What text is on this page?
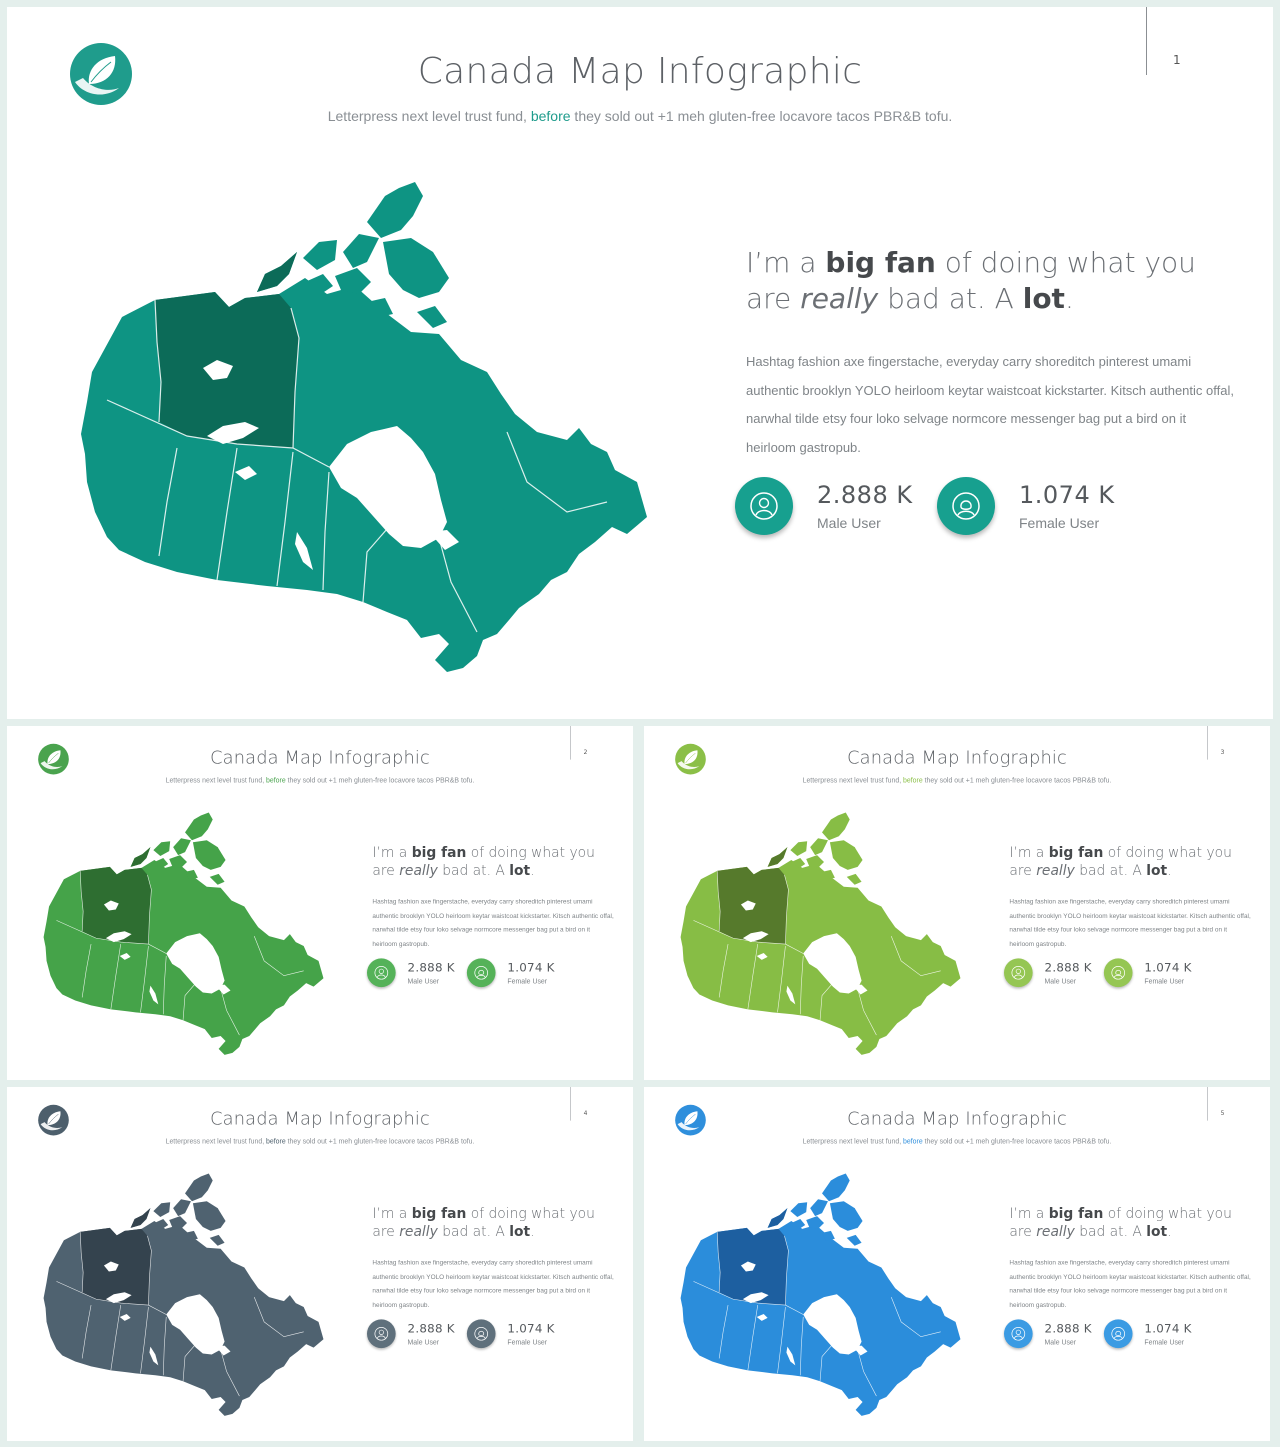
Canada Map Infographic
Letterpress next level trust fund, before they sold out +1 meh gluten-free locavore tacos PBR&B tofu.
1
I’m a big fan of doing what you are really bad at. A lot.
Hashtag fashion axe fingerstache, everyday carry shoreditch pinterest umami authentic brooklyn YOLO heirloom keytar waistcoat kickstarter. Kitsch authentic offal, narwhal tilde etsy four loko selvage normcore messenger bag put a bird on it heirloom gastropub.
2.888 K
Male User
1.074 K
Female User
Canada Map Infographic
Letterpress next level trust fund, before they sold out +1 meh gluten-free locavore tacos PBR&B tofu.
2
I’m a big fan of doing what you are really bad at. A lot.
Hashtag fashion axe fingerstache, everyday carry shoreditch pinterest umami authentic brooklyn YOLO heirloom keytar waistcoat kickstarter. Kitsch authentic offal, narwhal tilde etsy four loko selvage normcore messenger bag put a bird on it heirloom gastropub.
2.888 K
Male User
1.074 K
Female User
Canada Map Infographic
Letterpress next level trust fund, before they sold out +1 meh gluten-free locavore tacos PBR&B tofu.
3
I’m a big fan of doing what you are really bad at. A lot.
Hashtag fashion axe fingerstache, everyday carry shoreditch pinterest umami authentic brooklyn YOLO heirloom keytar waistcoat kickstarter. Kitsch authentic offal, narwhal tilde etsy four loko selvage normcore messenger bag put a bird on it heirloom gastropub.
2.888 K
Male User
1.074 K
Female User
Canada Map Infographic
Letterpress next level trust fund, before they sold out +1 meh gluten-free locavore tacos PBR&B tofu.
4
I’m a big fan of doing what you are really bad at. A lot.
Hashtag fashion axe fingerstache, everyday carry shoreditch pinterest umami authentic brooklyn YOLO heirloom keytar waistcoat kickstarter. Kitsch authentic offal, narwhal tilde etsy four loko selvage normcore messenger bag put a bird on it heirloom gastropub.
2.888 K
Male User
1.074 K
Female User
Canada Map Infographic
Letterpress next level trust fund, before they sold out +1 meh gluten-free locavore tacos PBR&B tofu.
5
I’m a big fan of doing what you are really bad at. A lot.
Hashtag fashion axe fingerstache, everyday carry shoreditch pinterest umami authentic brooklyn YOLO heirloom keytar waistcoat kickstarter. Kitsch authentic offal, narwhal tilde etsy four loko selvage normcore messenger bag put a bird on it heirloom gastropub.
2.888 K
Male User
1.074 K
Female User
